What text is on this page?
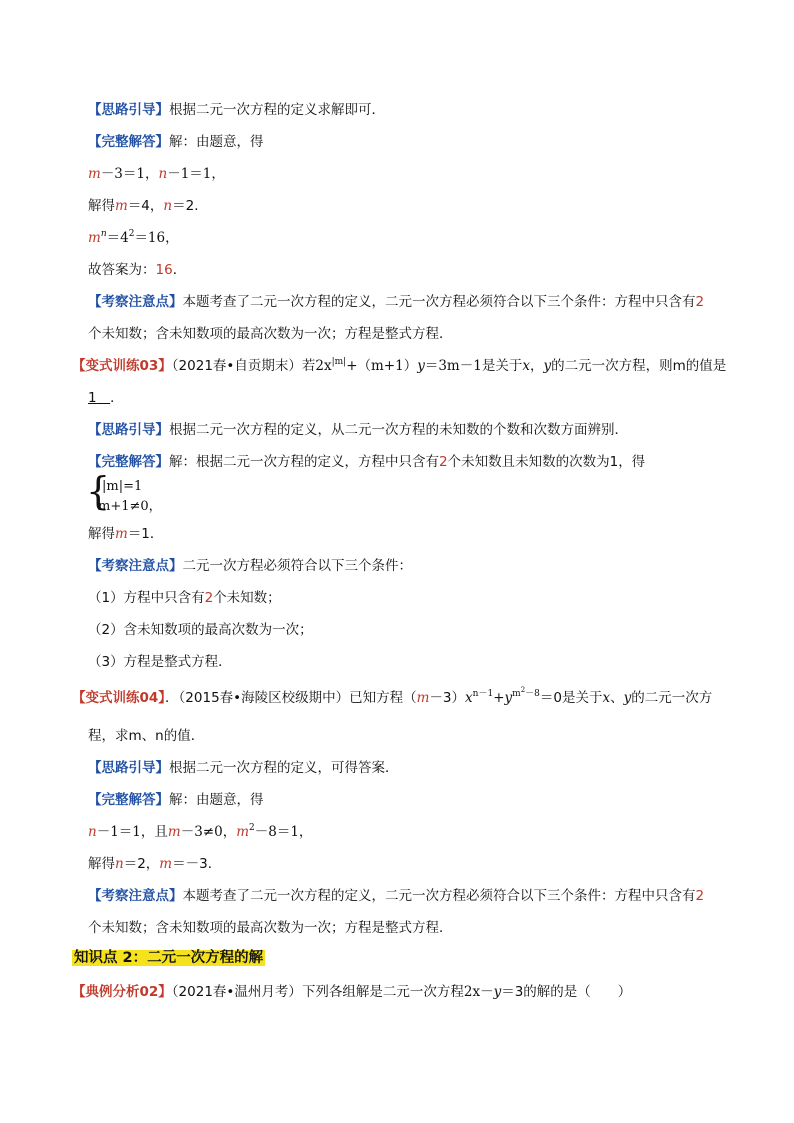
【思路引导】根据二元一次方程的定义求解即可．
【完整解答】解：由题意，得
m－3＝1，n－1＝1，
解得m＝4，n＝2．
$m^n=4^2=16$，
故答案为：16．
【考察注意点】本题考查了二元一次方程的定义，二元一次方程必须符合以下三个条件：方程中只含有2
个未知数；含未知数项的最高次数为一次；方程是整式方程．
【变式训练03】（2021春•自贡期末）若$2x^{|m|}+(m+1)y=3m-1$是关于x，y的二元一次方程，则m的值是
1　 ．
【思路引导】根据二元一次方程的定义，从二元一次方程的未知数的个数和次数方面辨别．
【完整解答】解：根据二元一次方程的定义，方程中只含有2个未知数且未知数的次数为1，得
{
|m|=1
m+1≠0，
解得m＝1．
【考察注意点】二元一次方程必须符合以下三个条件：
（1）方程中只含有2个未知数；
（2）含未知数项的最高次数为一次；
（3）方程是整式方程．
【变式训练04】．（2015春•海陵区校级期中）已知方程$(m-3)x^{n-1}+y^{m^2-8}=0$是关于x、y的二元一次方
程，求m、n的值．
【思路引导】根据二元一次方程的定义，可得答案．
【完整解答】解：由题意，得
n－1＝1，且m－3≠0，$m^2-8=1$，
解得n＝2，m＝－3．
【考察注意点】本题考查了二元一次方程的定义，二元一次方程必须符合以下三个条件：方程中只含有2
个未知数；含未知数项的最高次数为一次；方程是整式方程．
知识点 2：二元一次方程的解
【典例分析02】（2021春•温州月考）下列各组解是二元一次方程2x－y＝3的解的是（　　）
